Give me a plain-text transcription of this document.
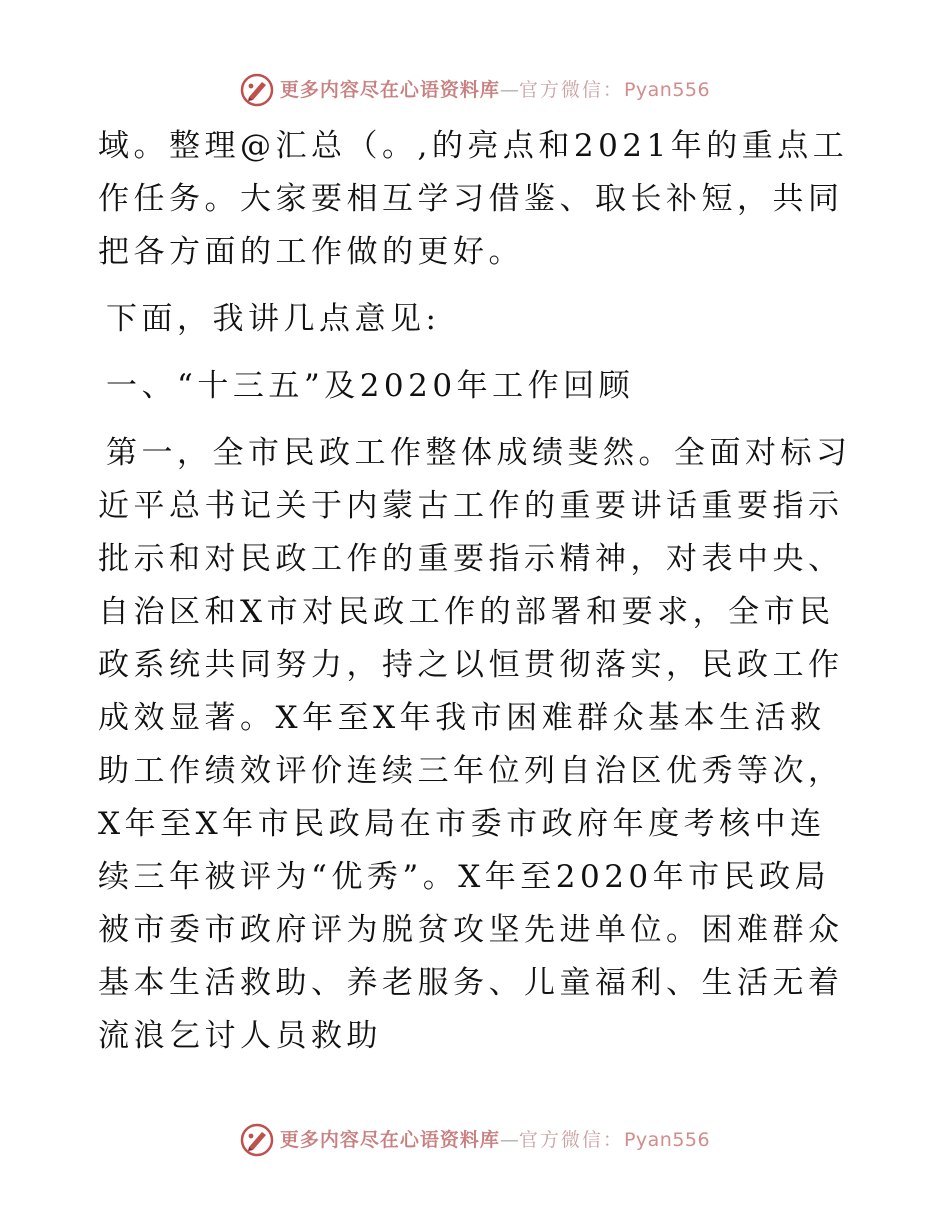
更多内容尽在心语资料库 — 官方微信： Pyan556

域。整理@汇总（。,的亮点和2021年的重点工作任务。大家要相互学习借鉴、取长补短，共同把各方面的工作做的更好。

下面，我讲几点意见:

一、“十三五”及2020年工作回顾

第一，全市民政工作整体成绩斐然。全面对标习近平总书记关于内蒙古工作的重要讲话重要指示批示和对民政工作的重要指示精神，对表中央、自治区和X市对民政工作的部署和要求，全市民政系统共同努力，持之以恒贯彻落实，民政工作成效显著。X年至X年我市困难群众基本生活救助工作绩效评价连续三年位列自治区优秀等次，X年至X年市民政局在市委市政府年度考核中连续三年被评为“优秀”。X年至2020年市民政局被市委市政府评为脱贫攻坚先进单位。困难群众基本生活救助、养老服务、儿童福利、生活无着流浪乞讨人员救助

更多内容尽在心语资料库 — 官方微信： Pyan556
